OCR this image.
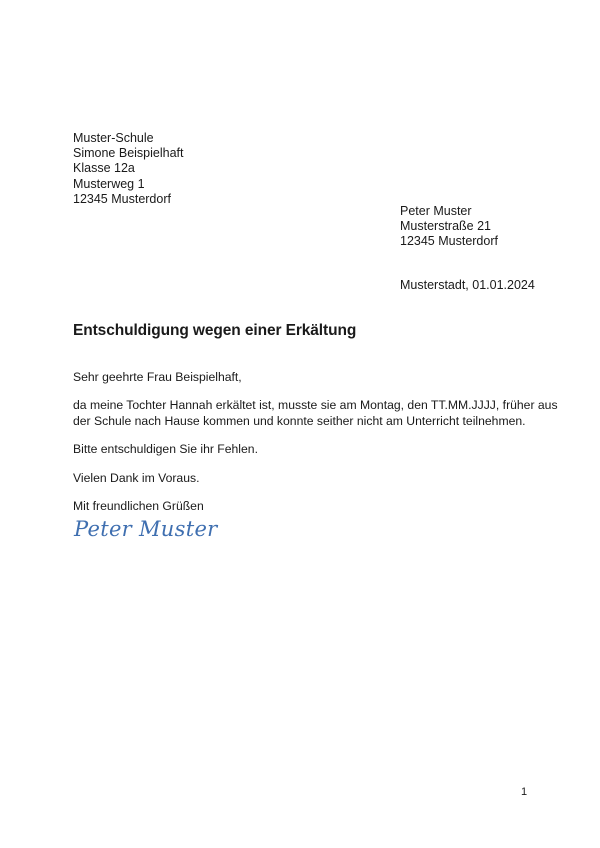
Muster-Schule
Simone Beispielhaft
Klasse 12a
Musterweg 1
12345 Musterdorf
Peter Muster
Musterstraße 21
12345 Musterdorf
Musterstadt, 01.01.2024
Entschuldigung wegen einer Erkältung

Sehr geehrte Frau Beispielhaft,

da meine Tochter Hannah erkältet ist, musste sie am Montag, den TT.MM.JJJJ, früher aus
der Schule nach Hause kommen und konnte seither nicht am Unterricht teilnehmen.

Bitte entschuldigen Sie ihr Fehlen.

Vielen Dank im Voraus.

Mit freundlichen Grüßen

Peter Muster
1
